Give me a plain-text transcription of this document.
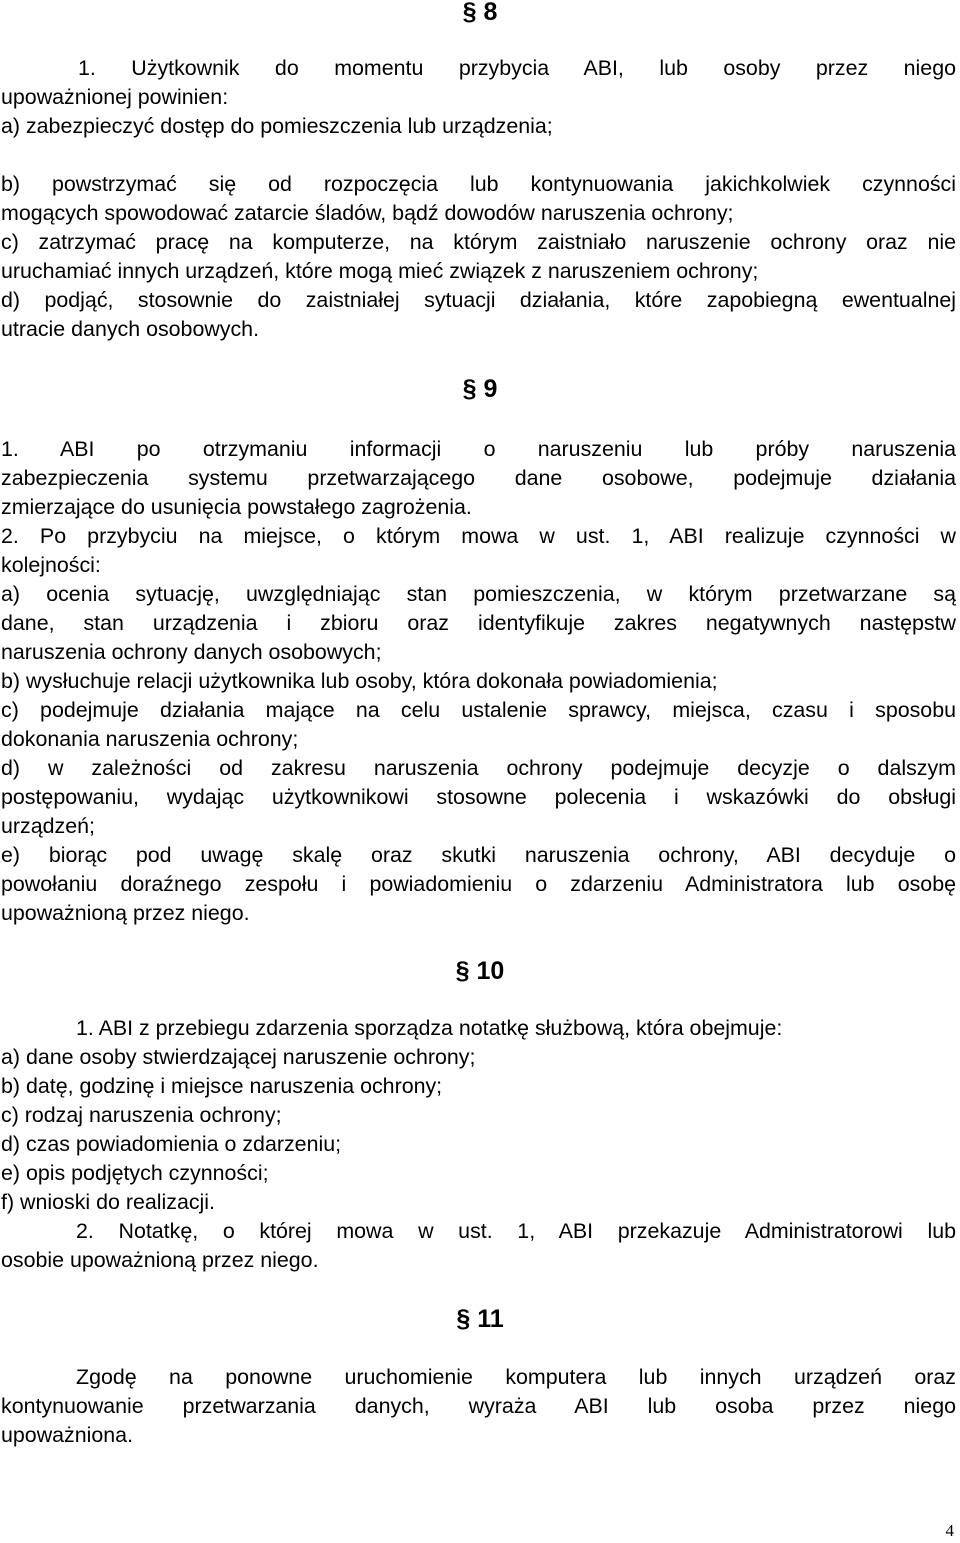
§ 8
1. Użytkownik do momentu przybycia ABI, lub osoby przez niego
upoważnionej powinien:
a) zabezpieczyć dostęp do pomieszczenia lub urządzenia;
b) powstrzymać się od rozpoczęcia lub kontynuowania jakichkolwiek czynności
mogących spowodować zatarcie śladów, bądź dowodów naruszenia ochrony;
c) zatrzymać pracę na komputerze, na którym zaistniało naruszenie ochrony oraz nie
uruchamiać innych urządzeń, które mogą mieć związek z naruszeniem ochrony;
d) podjąć, stosownie do zaistniałej sytuacji działania, które zapobiegną ewentualnej
utracie danych osobowych.
§ 9
1. ABI po otrzymaniu informacji o naruszeniu lub próby naruszenia
zabezpieczenia systemu przetwarzającego dane osobowe, podejmuje działania
zmierzające do usunięcia powstałego zagrożenia.
2. Po przybyciu na miejsce, o którym mowa w ust. 1, ABI realizuje czynności w
kolejności:
a) ocenia sytuację, uwzględniając stan pomieszczenia, w którym przetwarzane są
dane, stan urządzenia i zbioru oraz identyfikuje zakres negatywnych następstw
naruszenia ochrony danych osobowych;
b) wysłuchuje relacji użytkownika lub osoby, która dokonała powiadomienia;
c) podejmuje działania mające na celu ustalenie sprawcy, miejsca, czasu i sposobu
dokonania naruszenia ochrony;
d) w zależności od zakresu naruszenia ochrony podejmuje decyzje o dalszym
postępowaniu, wydając użytkownikowi stosowne polecenia i wskazówki do obsługi
urządzeń;
e) biorąc pod uwagę skalę oraz skutki naruszenia ochrony, ABI decyduje o
powołaniu doraźnego zespołu i powiadomieniu o zdarzeniu Administratora lub osobę
upoważnioną przez niego.
§ 10
1. ABI z przebiegu zdarzenia sporządza notatkę służbową, która obejmuje:
a) dane osoby stwierdzającej naruszenie ochrony;
b) datę, godzinę i miejsce naruszenia ochrony;
c) rodzaj naruszenia ochrony;
d) czas powiadomienia o zdarzeniu;
e) opis podjętych czynności;
f) wnioski do realizacji.
2. Notatkę, o której mowa w ust. 1, ABI przekazuje Administratorowi lub
osobie upoważnioną przez niego.
§ 11
Zgodę na ponowne uruchomienie komputera lub innych urządzeń oraz
kontynuowanie przetwarzania danych, wyraża ABI lub osoba przez niego
upoważniona.
4
